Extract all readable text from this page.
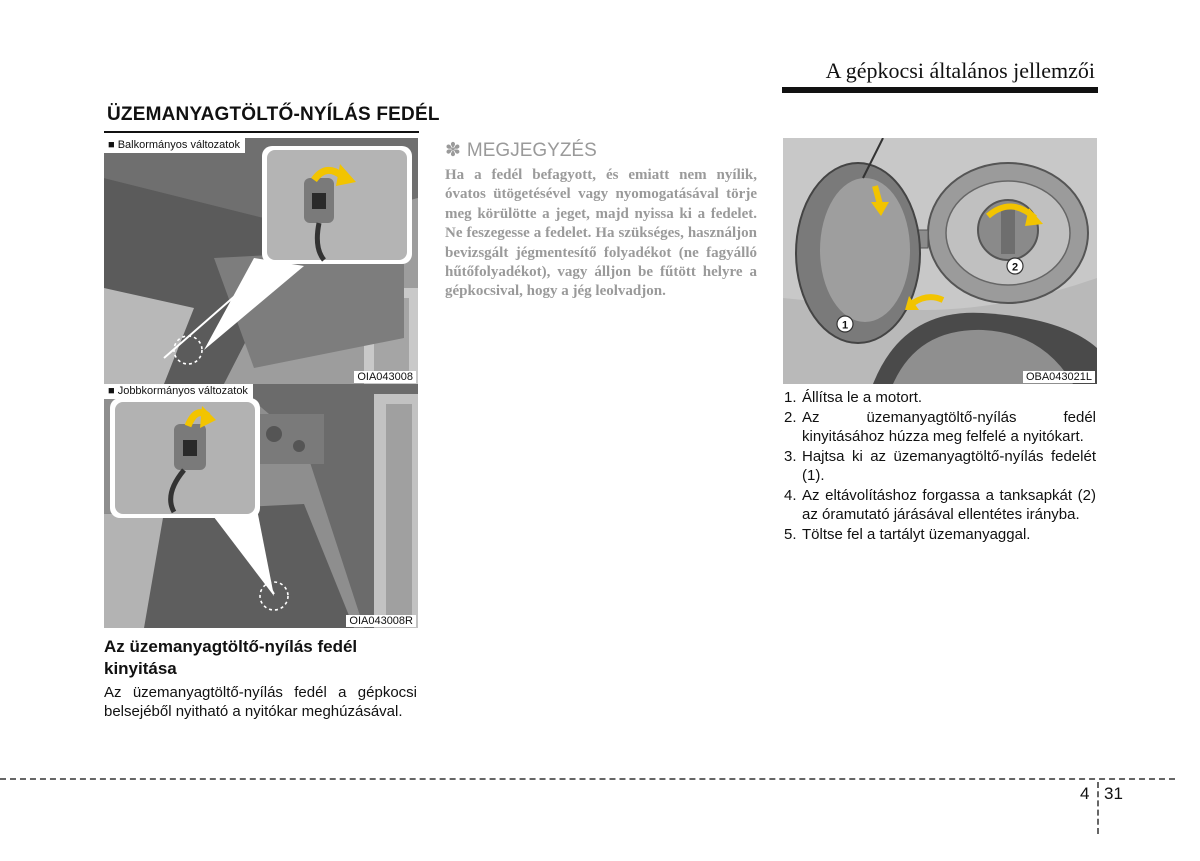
A gépkocsi általános jellemzői
ÜZEMANYAGTÖLTŐ-NYÍLÁS FEDÉL
■ Balkormányos változatok
OIA043008
■ Jobbkormányos változatok
OIA043008R
✽ MEGJEGYZÉS
Ha a fedél befagyott, és emiatt nem nyílik, óvatos ütögetésével vagy nyomogatásával törje meg körülötte a jeget, majd nyissa ki a fedelet. Ne feszegesse a fedelet. Ha szükséges, használjon bevizsgált jégmentesítő folyadékot (ne fagyálló hűtőfolyadékot), vagy álljon be fűtött helyre a gépkocsival, hogy a jég leolvadjon.
1
2
OBA043021L
Az üzemanyagtöltő-nyílás fedél kinyitása
Az üzemanyagtöltő-nyílás fedél a gépkocsi belsejéből nyitható a nyitókar meghúzásával.
1. Állítsa le a motort.
2. Az üzemanyagtöltő-nyílás fedél kinyitásához húzza meg felfelé a nyitókart.
3. Hajtsa ki az üzemanyagtöltő-nyílás fedelét (1).
4. Az eltávolításhoz forgassa a tanksapkát (2) az óramutató járásával ellentétes irányba.
5. Töltse fel a tartályt üzemanyaggal.
4 31
